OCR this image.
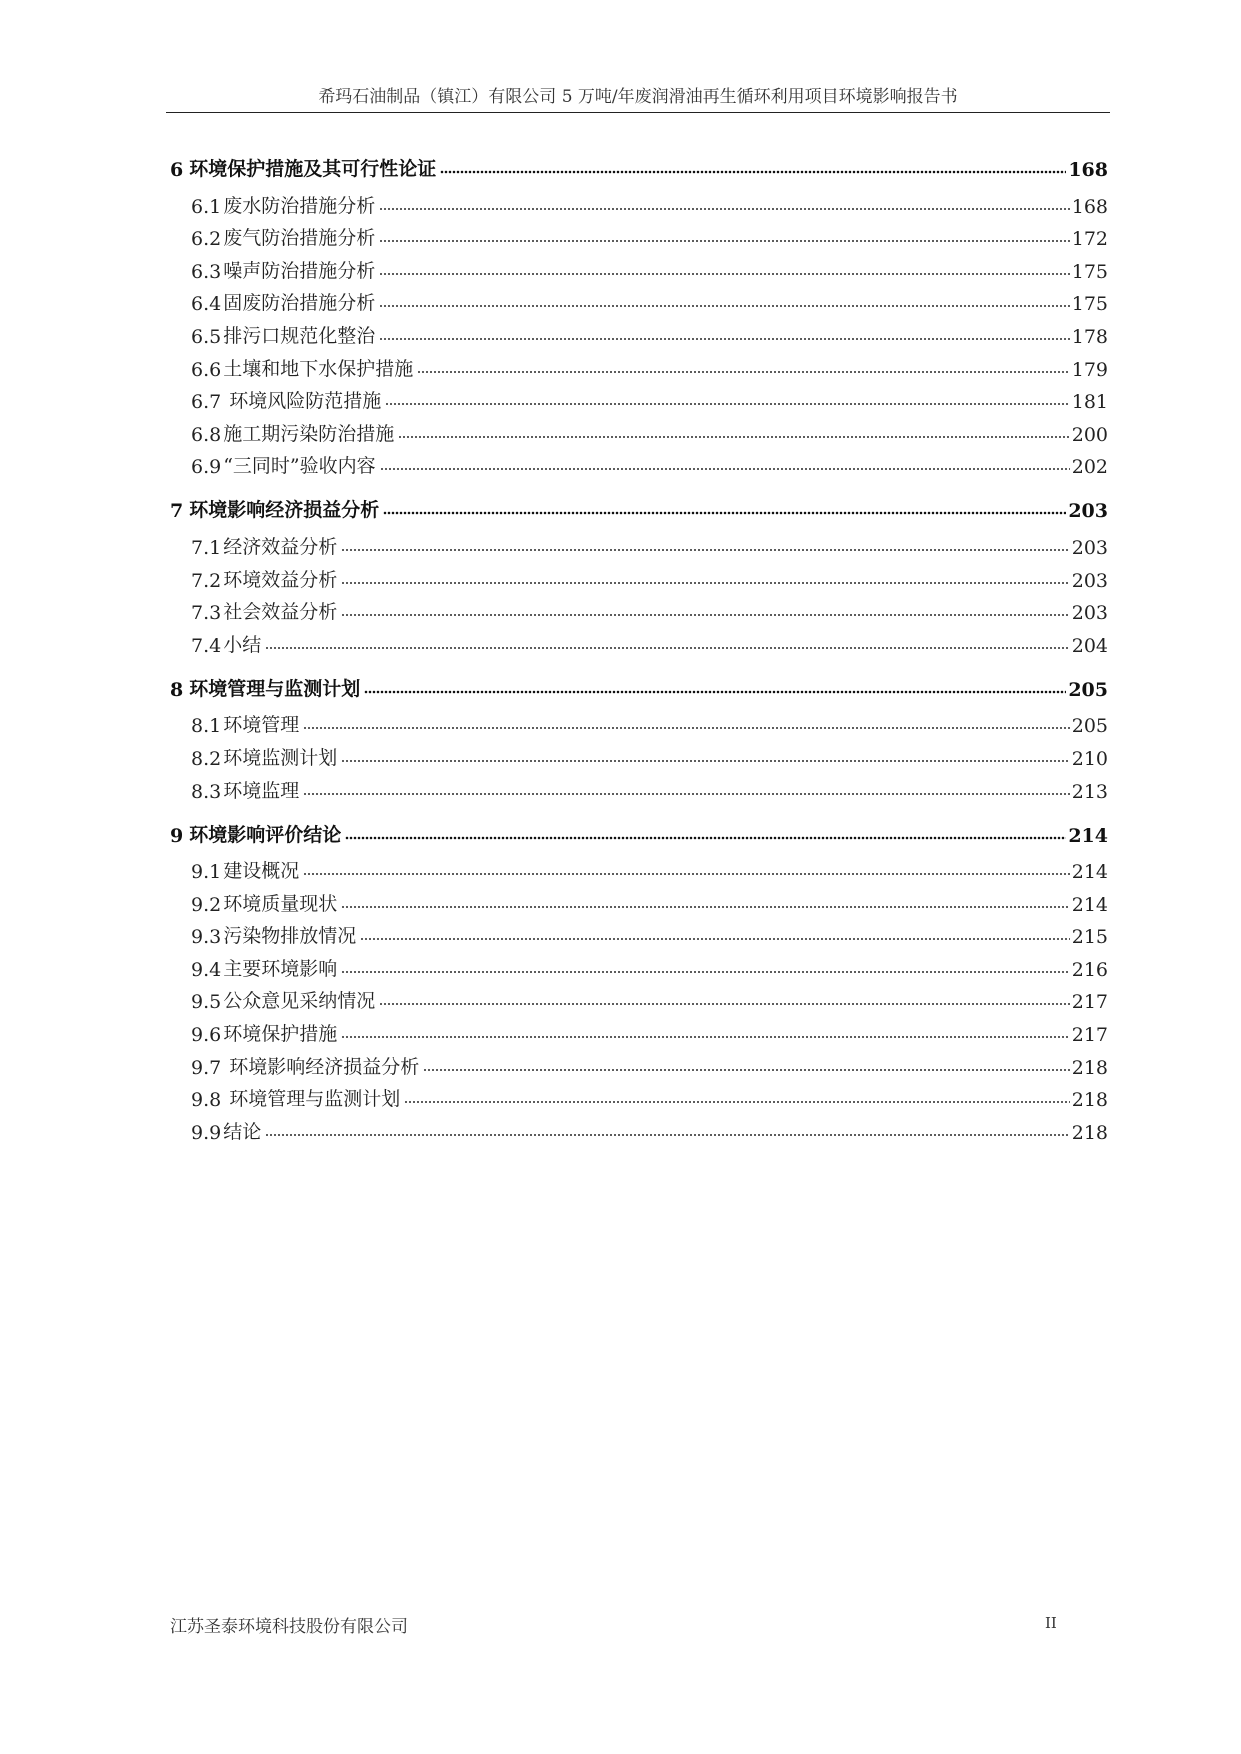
希玛石油制品（镇江）有限公司 5 万吨/年废润滑油再生循环利用项目环境影响报告书
6 环境保护措施及其可行性论证	168
6.1 废水防治措施分析	168
6.2 废气防治措施分析	172
6.3 噪声防治措施分析	175
6.4 固废防治措施分析	175
6.5 排污口规范化整治	178
6.6 土壤和地下水保护措施	179
6.7 环境风险防范措施	181
6.8 施工期污染防治措施	200
6.9 “三同时”验收内容	202
7 环境影响经济损益分析	203
7.1 经济效益分析	203
7.2 环境效益分析	203
7.3 社会效益分析	203
7.4 小结	204
8 环境管理与监测计划	205
8.1 环境管理	205
8.2 环境监测计划	210
8.3 环境监理	213
9 环境影响评价结论	214
9.1 建设概况	214
9.2 环境质量现状	214
9.3 污染物排放情况	215
9.4 主要环境影响	216
9.5 公众意见采纳情况	217
9.6 环境保护措施	217
9.7 环境影响经济损益分析	218
9.8 环境管理与监测计划	218
9.9 结论	218
江苏圣泰环境科技股份有限公司	II
